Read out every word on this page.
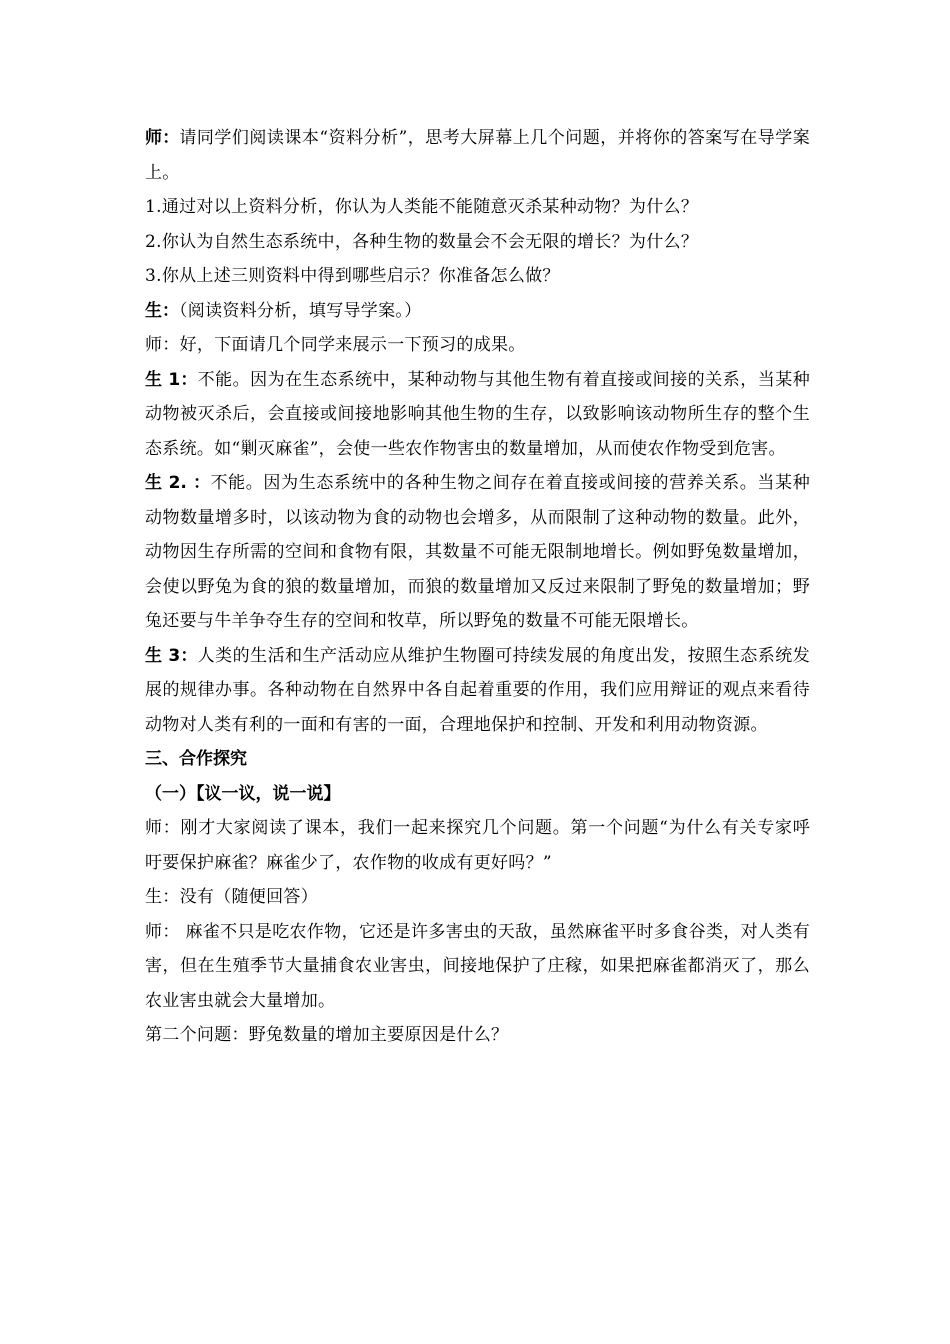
师：请同学们阅读课本“资料分析”，思考大屏幕上几个问题，并将你的答案写在导学案上。

1.通过对以上资料分析，你认为人类能不能随意灭杀某种动物？为什么？

2.你认为自然生态系统中，各种生物的数量会不会无限的增长？为什么？

3.你从上述三则资料中得到哪些启示？你准备怎么做？

生：（阅读资料分析，填写导学案。）

师：好，下面请几个同学来展示一下预习的成果。

生 1：不能。因为在生态系统中，某种动物与其他生物有着直接或间接的关系，当某种动物被灭杀后，会直接或间接地影响其他生物的生存，以致影响该动物所生存的整个生态系统。如“剿灭麻雀”，会使一些农作物害虫的数量增加，从而使农作物受到危害。

生 2. ：不能。因为生态系统中的各种生物之间存在着直接或间接的营养关系。当某种动物数量增多时，以该动物为食的动物也会增多，从而限制了这种动物的数量。此外，动物因生存所需的空间和食物有限，其数量不可能无限制地增长。例如野兔数量增加，会使以野兔为食的狼的数量增加，而狼的数量增加又反过来限制了野兔的数量增加；野兔还要与牛羊争夺生存的空间和牧草，所以野兔的数量不可能无限增长。

生 3：人类的生活和生产活动应从维护生物圈可持续发展的角度出发，按照生态系统发展的规律办事。各种动物在自然界中各自起着重要的作用，我们应用辩证的观点来看待动物对人类有利的一面和有害的一面，合理地保护和控制、开发和利用动物资源。

三、合作探究

（一）【议一议，说一说】

师：刚才大家阅读了课本，我们一起来探究几个问题。第一个问题“为什么有关专家呼吁要保护麻雀？麻雀少了，农作物的收成有更好吗？”

生：没有（随便回答）

师： 麻雀不只是吃农作物，它还是许多害虫的天敌，虽然麻雀平时多食谷类，对人类有害，但在生殖季节大量捕食农业害虫，间接地保护了庄稼，如果把麻雀都消灭了，那么农业害虫就会大量增加。

第二个问题：野兔数量的增加主要原因是什么？
